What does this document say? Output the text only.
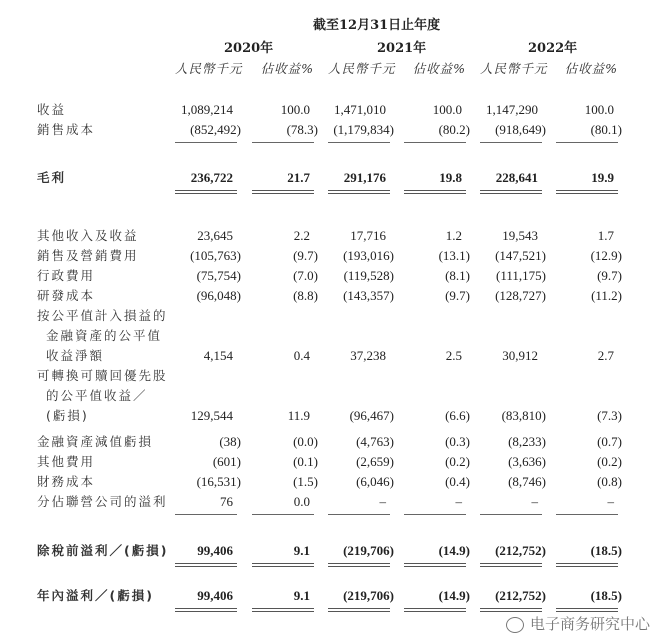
截至12月31日止年度
2020年	2021年	2022年
人民幣千元	佔收益% 人民幣千元	佔收益% 人民幣千元	佔收益%
收益	1,089,214	100.0	1,471,010	100.0	1,147,290	100.0
銷售成本	(852,492)	(78.3) (1,179,834)	(80.2)	(918,649)	(80.1)
毛利	236,722	21.7	291,176	19.8	228,641	19.9
其他收入及收益	23,645	2.2	17,716	1.2	19,543	1.7
銷售及營銷費用	(105,763)	(9.7)	(193,016)	(13.1)	(147,521)	(12.9)
行政費用	(75,754)	(7.0)	(119,528)	(8.1)	(111,175)	(9.7)
研發成本	(96,048)	(8.8)	(143,357)	(9.7)	(128,727)	(11.2)
按公平值計入損益的
金融資產的公平值
收益淨額	4,154	0.4	37,238	2.5	30,912	2.7
可轉換可贖回優先股
的公平值收益／
(虧損)	129,544	11.9	(96,467)	(6.6)	(83,810)	(7.3)
金融資產減值虧損	(38)	(0.0)	(4,763)	(0.3)	(8,233)	(0.7)
其他費用	(601)	(0.1)	(2,659)	(0.2)	(3,636)	(0.2)
財務成本	(16,531)	(1.5)	(6,046)	(0.4)	(8,746)	(0.8)
分佔聯營公司的溢利	76	0.0	–	–	–	–
除稅前溢利／(虧損)	99,406	9.1	(219,706)	(14.9)	(212,752)	(18.5)
年內溢利／(虧損)	99,406	9.1	(219,706)	(14.9)	(212,752)	(18.5)
电子商务研究中心
